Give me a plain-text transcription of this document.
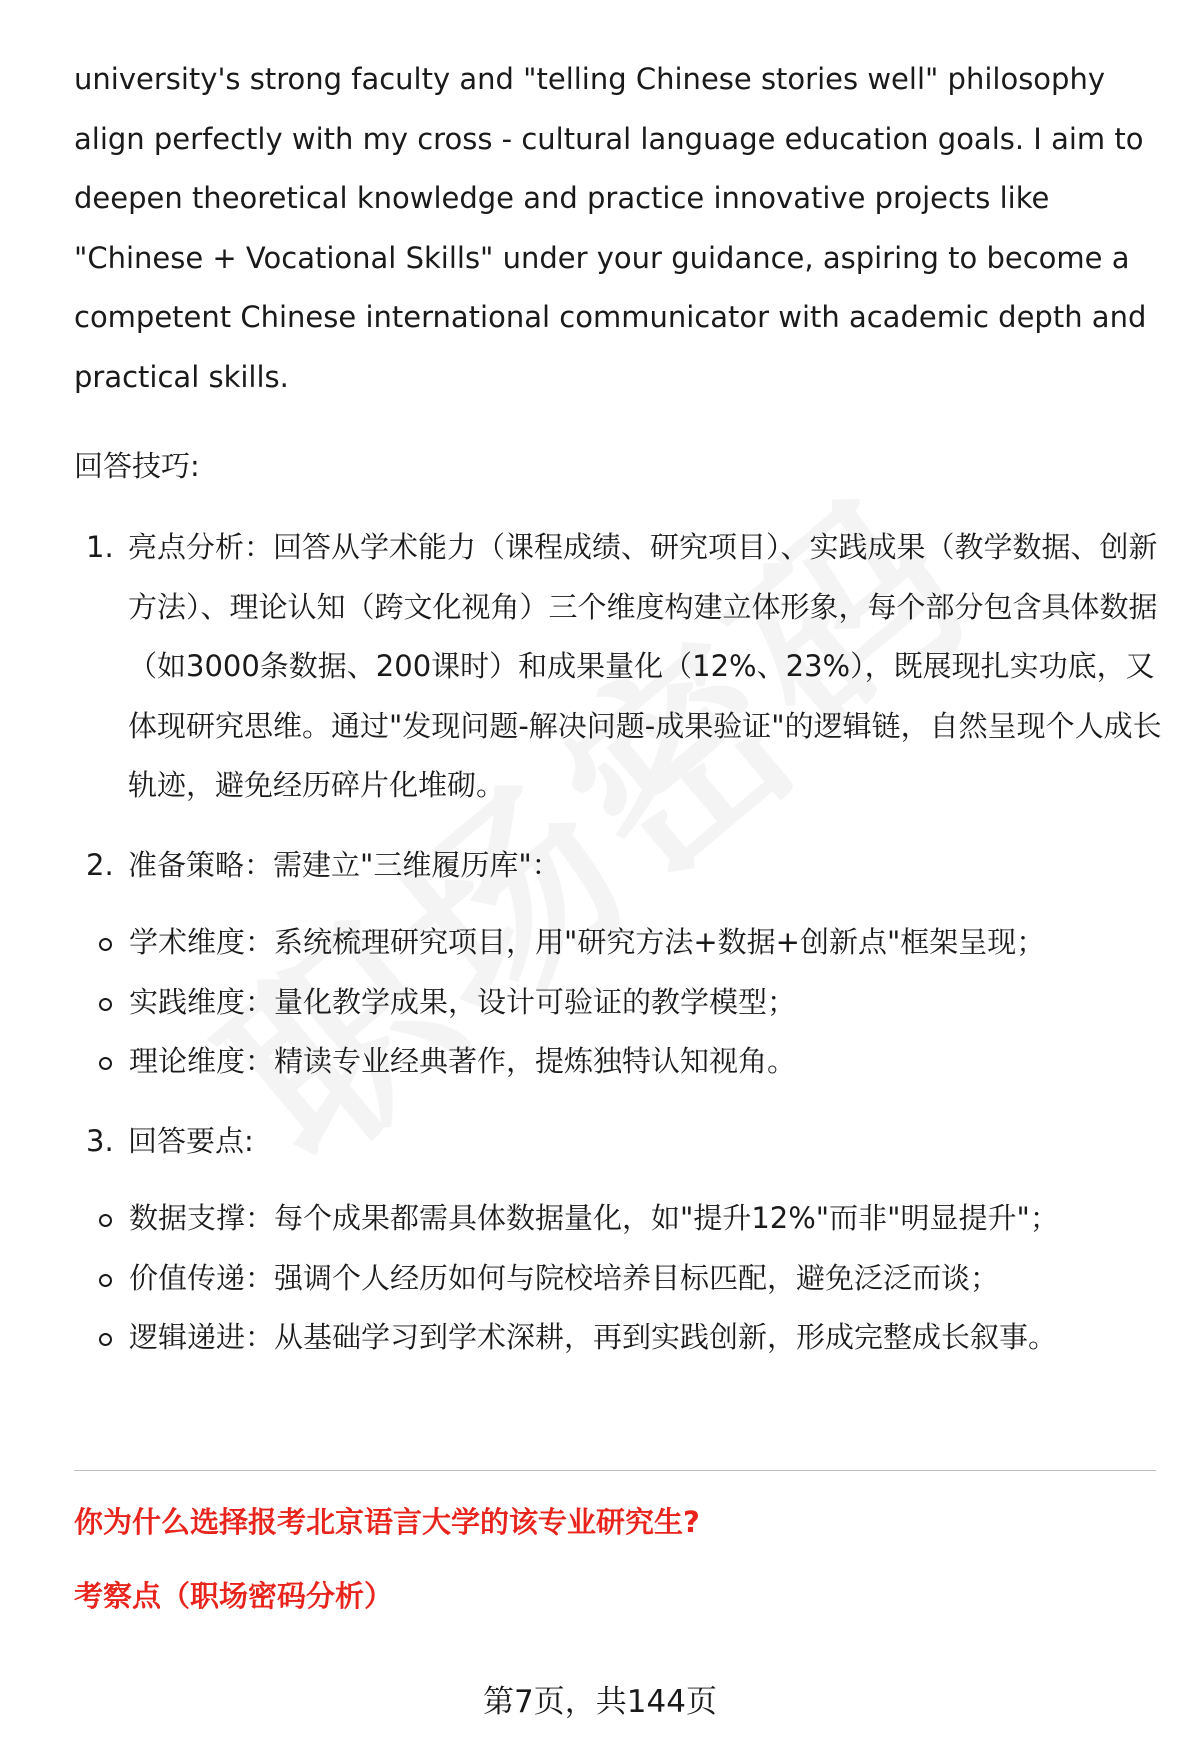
university's strong faculty and "telling Chinese stories well" philosophy align perfectly with my cross - cultural language education goals. I aim to deepen theoretical knowledge and practice innovative projects like "Chinese + Vocational Skills" under your guidance, aspiring to become a competent Chinese international communicator with academic depth and practical skills.

回答技巧:
1. 亮点分析：回答从学术能力（课程成绩、研究项目）、实践成果（教学数据、创新方法）、理论认知（跨文化视角）三个维度构建立体形象，每个部分包含具体数据（如3000条数据、200课时）和成果量化（12%、23%），既展现扎实功底，又体现研究思维。通过"发现问题-解决问题-成果验证"的逻辑链，自然呈现个人成长轨迹，避免经历碎片化堆砌。
2. 准备策略：需建立"三维履历库"：
学术维度：系统梳理研究项目，用"研究方法+数据+创新点"框架呈现；
实践维度：量化教学成果，设计可验证的教学模型；
理论维度：精读专业经典著作，提炼独特认知视角。
3. 回答要点:
数据支撑：每个成果都需具体数据量化，如"提升12%"而非"明显提升"；
价值传递：强调个人经历如何与院校培养目标匹配，避免泛泛而谈；
逻辑递进：从基础学习到学术深耕，再到实践创新，形成完整成长叙事。
你为什么选择报考北京语言大学的该专业研究生?
考察点（职场密码分析）
第7页，共144页
